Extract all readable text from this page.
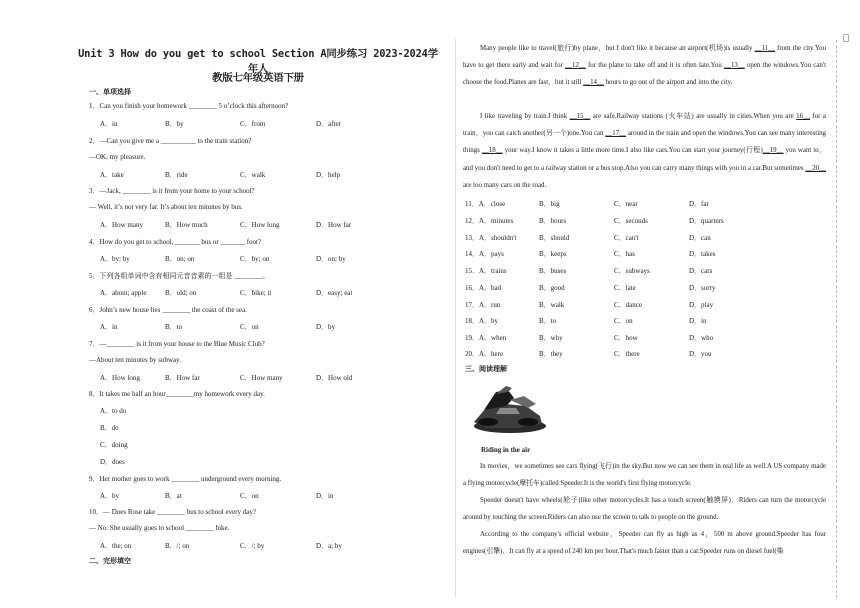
Unit 3 How do you get to school Section A同步练习 2023-2024学年人
教版七年级英语下册
一、单项选择
1．Can you finish your homework ________ 5 o’clock this afternoon?
A．in	B．by	C．from	D．after
2．—Can you give me a __________ to the train station?
—OK, my pleasure.
A．take	B．ride	C．walk	D．help
3．—Jack, ________ is it from your home to your school?
— Well, it’s not very far. It’s about ten minutes by bus.
A．How many	B．How much	C．How long	D．How far
4．How do you get to school, _______ bus or _______ foot?
A．by; by	B．on; on	C．by; on	D．on; by
5．下列各组单词中含有相同元音音素的一组是 ________。
A．about; apple	B．old; on	C．bike; it	D．easy; eat
6．John’s new house lies ________ the coast of the sea.
A．in	B．to	C．on	D．by
7．—________ is it from your house to the Blue Music Club?
—About ten minutes by subway.
A．How long	B．How far	C．How many	D．How old
8．It takes me half an hour________my homework every day.
A．to do
B．do
C．doing
D．does
9．Her mother goes to work ________ underground every morning.
A．by	B．at	C．on	D．in
10．— Does Rose take ________ bus to school every day?
— No. She usually goes to school ________ bike.
A．the; on	B．/; on	C．/; by	D．a; by
二、完形填空
Many people like to travel(旅行)by plane，but I don't like it because an airport(机场)is usually __11__ from the city.You have to get there early and wait for __12__ for the plane to take off and it is often late.You __13__ open the windows.You can't choose the food.Planes are fast，but it still __14__ hours to go out of the airport and into the city.
I like traveling by train.I think __15__ are safe.Railway stations (火车站) are usually in cities.When you are 16__ for a train，you can catch another(另一个)one.You can __17__ around in the train and open the windows.You can see many interesting things __18__ your way.I know it takes a little more time.I also like cars.You can start your journey(行程)__19__ you want to，and you don't need to get to a railway station or a bus stop.Also you can carry many things with you in a car.But sometimes __20__ are too many cars on the road.
11．A．close	B．big	C．near	D．far
12．A．minutes	B．hours	C．seconds	D．quarters
13．A．shouldn't	B．should	C．can't	D．can
14．A．pays	B．keeps	C．has	D．takes
15．A．trains	B．buses	C．subways	D．cars
16．A．bad	B．good	C．late	D．sorry
17．A．run	B．walk	C．dance	D．play
18．A．by	B．to	C．on	D．in
19．A．when	B．why	C．how	D．who
20．A．here	B．they	C．there	D．you
三、阅读理解
Riding in the air
In movies，we sometimes see cars flying(飞行)in the sky.But now we can see them in real life as well.A US company made a flying motorcycle(摩托车)called Speeder.It is the world's first flying motorcycle.
Speeder doesn't have wheels(轮子)like other motorcycles.It has a touch screen(触摸屏)．Riders can turn the motorcycle around by touching the screen.Riders can also use the screen to talk to people on the ground.
According to the company's official website，Speeder can fly as high as 4，500 m above ground.Speeder has four engines(引擎)．It can fly at a speed of 240 km per hour.That's much faster than a car.Speeder runs on diesel fuel(柴
